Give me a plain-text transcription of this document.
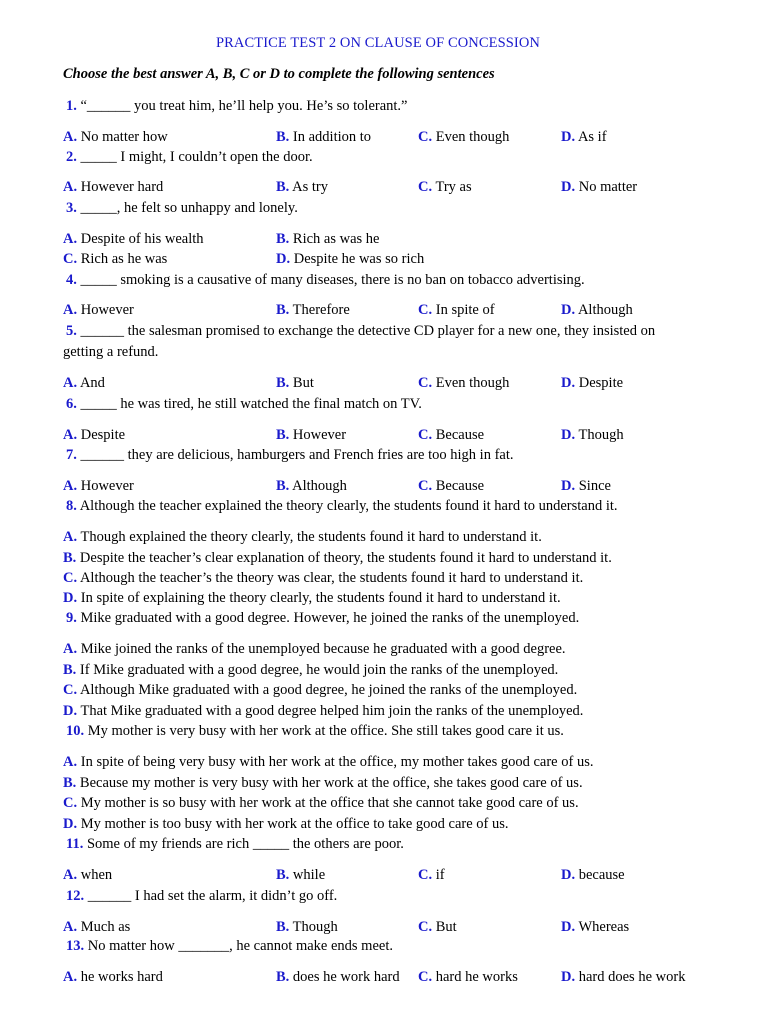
PRACTICE TEST 2 ON CLAUSE OF CONCESSION
Choose the best answer A, B, C or D to complete the following sentences
1. “______ you treat him, he’ll help you. He’s so tolerant.”
A. No matter how	B. In addition to	C. Even though	D. As if
2. _____ I might, I couldn’t open the door.
A. However hard	B. As try	C. Try as	D. No matter
3. _____, he felt so unhappy and lonely.
A. Despite of his wealth	B. Rich as was he
C. Rich as he was	D. Despite he was so rich
4. _____ smoking is a causative of many diseases, there is no ban on tobacco advertising.
A. However	B. Therefore	C. In spite of	D. Although
5. ______ the salesman promised to exchange the detective CD player for a new one, they insisted on getting a refund.
A. And	B. But	C. Even though	D. Despite
6. _____ he was tired, he still watched the final match on TV.
A. Despite	B. However	C. Because	D. Though
7. ______ they are delicious, hamburgers and French fries are too high in fat.
A. However	B. Although	C. Because	D. Since
8. Although the teacher explained the theory clearly, the students found it hard to understand it.
A. Though explained the theory clearly, the students found it hard to understand it.
B. Despite the teacher’s clear explanation of theory, the students found it hard to understand it.
C. Although the teacher’s the theory was clear, the students found it hard to understand it.
D. In spite of explaining the theory clearly, the students found it hard to understand it.
9. Mike graduated with a good degree. However, he joined the ranks of the unemployed.
A. Mike joined the ranks of the unemployed because he graduated with a good degree.
B. If Mike graduated with a good degree, he would join the ranks of the unemployed.
C. Although Mike graduated with a good degree, he joined the ranks of the unemployed.
D. That Mike graduated with a good degree helped him join the ranks of the unemployed.
10. My mother is very busy with her work at the office. She still takes good care it us.
A. In spite of being very busy with her work at the office, my mother takes good care of us.
B. Because my mother is very busy with her work at the office, she takes good care of us.
C. My mother is so busy with her work at the office that she cannot take good care of us.
D. My mother is too busy with her work at the office to take good care of us.
11. Some of my friends are rich _____ the others are poor.
A. when	B. while	C. if	D. because
12. ______ I had set the alarm, it didn’t go off.
A. Much as	B. Though	C. But	D. Whereas
13. No matter how _______, he cannot make ends meet.
A. he works hard	B. does he work hard C. hard he works	D. hard does he work
